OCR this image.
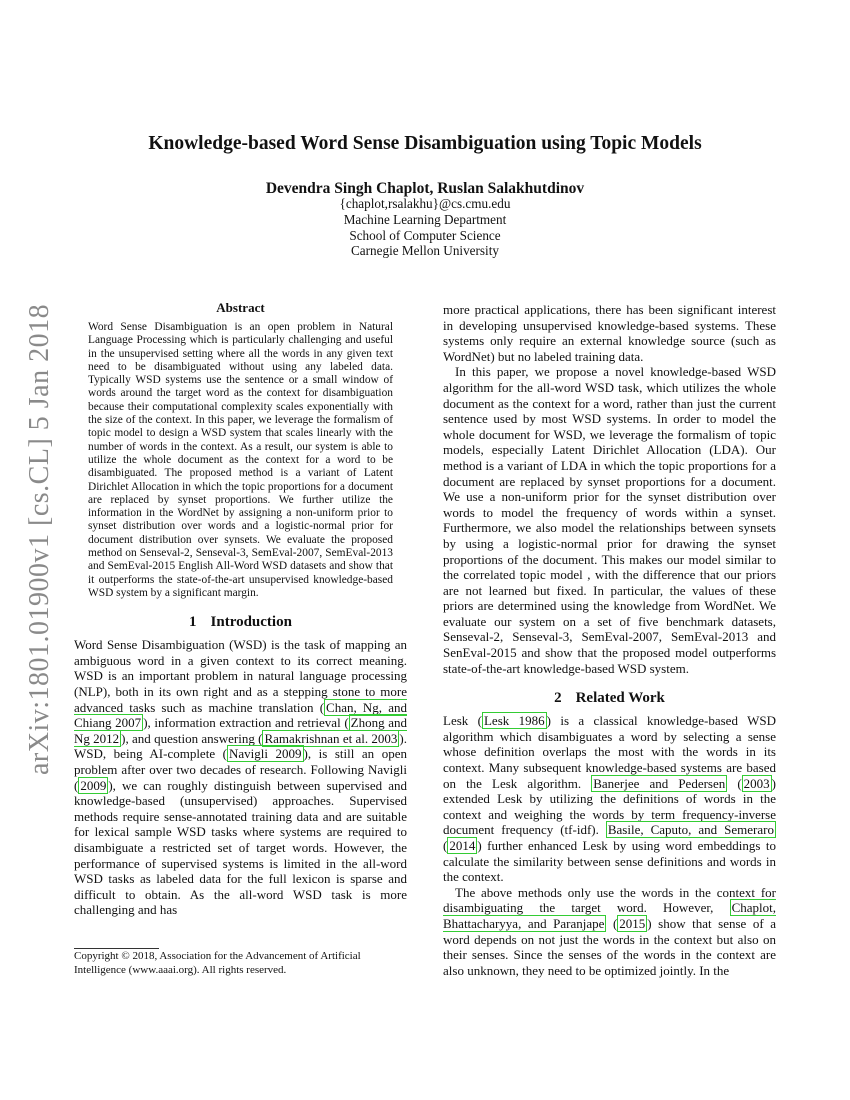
arXiv:1801.01900v1 [cs.CL] 5 Jan 2018
Knowledge-based Word Sense Disambiguation using Topic Models
Devendra Singh Chaplot, Ruslan Salakhutdinov
{chaplot,rsalakhu}@cs.cmu.edu
Machine Learning Department
School of Computer Science
Carnegie Mellon University
Abstract

Word Sense Disambiguation is an open problem in Natural Language Processing which is particularly challenging and useful in the unsupervised setting where all the words in any given text need to be disambiguated without using any labeled data. Typically WSD systems use the sentence or a small window of words around the target word as the context for disambiguation because their computational complexity scales exponentially with the size of the context. In this paper, we leverage the formalism of topic model to design a WSD system that scales linearly with the number of words in the context. As a result, our system is able to utilize the whole document as the context for a word to be disambiguated. The proposed method is a variant of Latent Dirichlet Allocation in which the topic proportions for a document are replaced by synset proportions. We further utilize the information in the WordNet by assigning a non-uniform prior to synset distribution over words and a logistic-normal prior for document distribution over synsets. We evaluate the proposed method on Senseval-2, Senseval-3, SemEval-2007, SemEval-2013 and SemEval-2015 English All-Word WSD datasets and show that it outperforms the state-of-the-art unsupervised knowledge-based WSD system by a significant margin.

1 Introduction

Word Sense Disambiguation (WSD) is the task of mapping an ambiguous word in a given context to its correct meaning. WSD is an important problem in natural language processing (NLP), both in its own right and as a stepping stone to more advanced tasks such as machine translation ( Chan, Ng, and Chiang 2007 ), information extraction and retrieval ( Zhong and Ng 2012 ), and question answering ( Ramakrishnan et al. 2003 ). WSD, being AI-complete ( Navigli 2009 ), is still an open problem after over two decades of research. Following Navigli ( 2009 ), we can roughly distinguish between supervised and knowledge-based (unsupervised) approaches. Supervised methods require sense-annotated training data and are suitable for lexical sample WSD tasks where systems are required to disambiguate a restricted set of target words. However, the performance of supervised systems is limited in the all-word WSD tasks as labeled data for the full lexicon is sparse and difficult to obtain. As the all-word WSD task is more challenging and has

Copyright © 2018, Association for the Advancement of Artificial Intelligence (www.aaai.org). All rights reserved.

more practical applications, there has been significant interest in developing unsupervised knowledge-based systems. These systems only require an external knowledge source (such as WordNet) but no labeled training data.

In this paper, we propose a novel knowledge-based WSD algorithm for the all-word WSD task, which utilizes the whole document as the context for a word, rather than just the current sentence used by most WSD systems. In order to model the whole document for WSD, we leverage the formalism of topic models, especially Latent Dirichlet Allocation (LDA). Our method is a variant of LDA in which the topic proportions for a document are replaced by synset proportions for a document. We use a non-uniform prior for the synset distribution over words to model the frequency of words within a synset. Furthermore, we also model the relationships between synsets by using a logistic-normal prior for drawing the synset proportions of the document. This makes our model similar to the correlated topic model , with the difference that our priors are not learned but fixed. In particular, the values of these priors are determined using the knowledge from WordNet. We evaluate our system on a set of five benchmark datasets, Senseval-2, Senseval-3, SemEval-2007, SemEval-2013 and SenEval-2015 and show that the proposed model outperforms state-of-the-art knowledge-based WSD system.

2 Related Work

Lesk ( Lesk 1986 ) is a classical knowledge-based WSD algorithm which disambiguates a word by selecting a sense whose definition overlaps the most with the words in its context. Many subsequent knowledge-based systems are based on the Lesk algorithm. Banerjee and Pedersen ( 2003 ) extended Lesk by utilizing the definitions of words in the context and weighing the words by term frequency-inverse document frequency (tf-idf). Basile, Caputo, and Semeraro ( 2014 ) further enhanced Lesk by using word embeddings to calculate the similarity between sense definitions and words in the context.

The above methods only use the words in the context for disambiguating the target word. However, Chaplot, Bhattacharyya, and Paranjape ( 2015 ) show that sense of a word depends on not just the words in the context but also on their senses. Since the senses of the words in the context are also unknown, they need to be optimized jointly. In the
